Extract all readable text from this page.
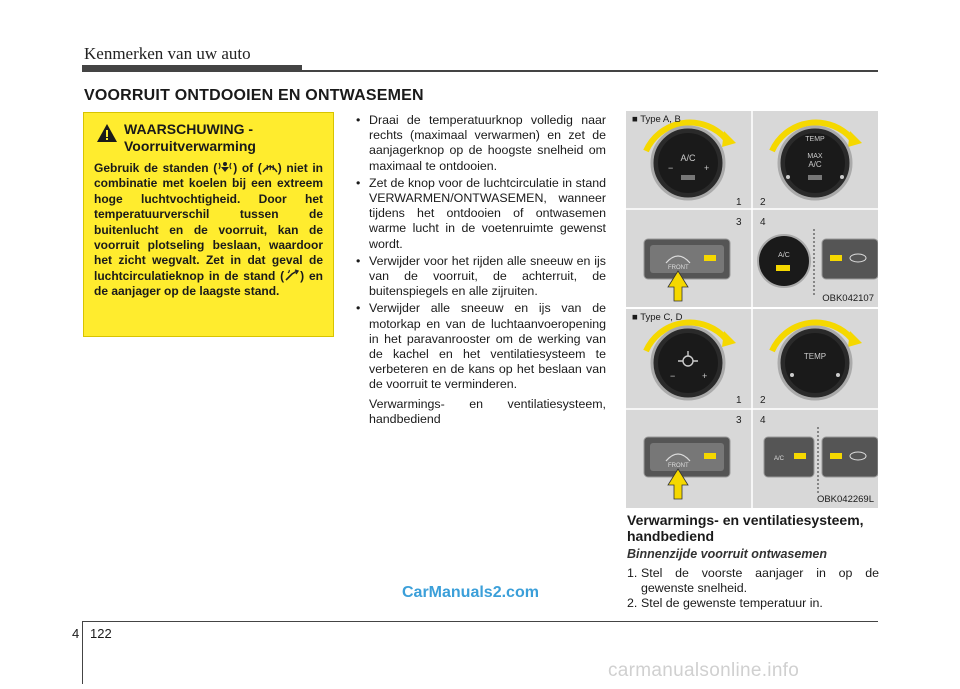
Kenmerken van uw auto
VOORRUIT ONTDOOIEN EN ONTWASEMEN
WAARSCHUWING -
Voorruitverwarming
Gebruik de standen ( ) of ( ) niet in combinatie met koelen bij een extreem hoge luchtvochtigheid. Door het temperatuurverschil tussen de buitenlucht en de voorruit, kan de voorruit plotseling beslaan, waardoor het zicht wegvalt. Zet in dat geval de luchtcirculatieknop in de stand ( ) en de aanjager op de laagste stand.
• Draai de temperatuurknop volledig naar rechts (maximaal verwarmen) en zet de aanjagerknop op de hoogste snelheid om maximaal te ontdooien.
• Zet de knop voor de luchtcirculatie in stand VERWARMEN/ONTWASEMEN, wanneer tijdens het ontdooien of ontwasemen warme lucht in de voetenruimte gewenst wordt.
• Verwijder voor het rijden alle sneeuw en ijs van de voorruit, de achterruit, de buitenspiegels en alle zijruiten.
• Verwijder alle sneeuw en ijs van de motorkap en van de luchtaanvoeropening in het paravanrooster om de werking van de kachel en het ventilatiesysteem te verbeteren en de kans op het beslaan van de voorruit te verminderen.

Verwarmings- en ventilatiesysteem, handbediend

A/C
−	+
TEMP
MAX
A/C
1 2
3 4
FRONT
A/C
■ Type A, B
OBK042107
−	+
TEMP
1 2
3 4
FRONT
A/C
■ Type C, D
OBK042269L
Verwarmings- en ventilatiesysteem, handbediend
Binnenzijde voorruit ontwasemen
1. Stel de voorste aanjager in op de gewenste snelheid.
2. Stel de gewenste temperatuur in.
CarManuals2.com
carmanualsonline.info
4 122
